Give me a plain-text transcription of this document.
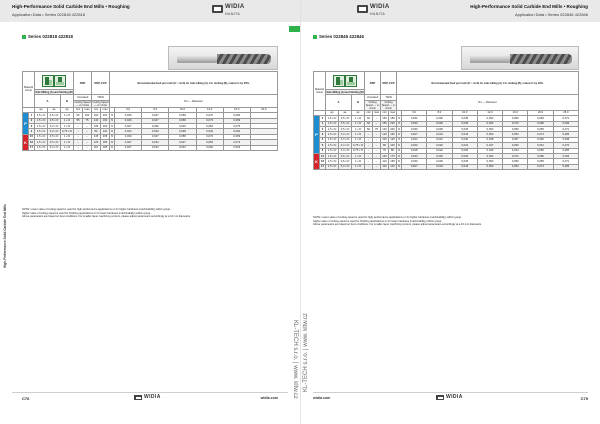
High-Performance Solid Carbide End Mills • Roughing
Application Data • Series 022818 422818
WIDIA
HANITA
Series 022818 422818
Material Group					RSP		RSP-CCP		Recommended feed per tooth (fz = inch) for side milling (A). For slotting (B), reduce fz by 20%.						
		Side Milling (A) and Slotting (B)													
		A		B	Uncoated		TiSiN		D1 — Diameter						
					Cutting Speed — vc m/min		Cutting Speed — vc m/min								
		ap	ae	ap	min	max	min	max		6,0	8,0	10,0	12,0	16,0	20,0
P	1	1,5 x D	0,5 x D	1 x D	60	100	150	200	fz	0,030	0,047	0,058	0,070	0,082	
	2	1,5 x D	0,5 x D	1 x D	55	75	140	160	fz	0,026	0,047	0,058	0,073	0,083	
	3	1,5 x D	0,4 x D	1 x D	–	–	135	160	fz	0,027	0,036	0,045	0,060	0,075	
	4	1,5 x D	0,3 x D	0,75 x D	–	–	80	100	fz	0,024	0,032	0,038	0,049	0,060	
K	15	1,5 x D	0,5 x D	1 x D	–	–	145	205	fz	0,030	0,047	0,058	0,070	0,083	
	16	1,5 x D	0,5 x D	1 x D	–	–	125	185	fz	0,027	0,034	0,047	0,055	0,073	
	17	1,5 x D	0,4 x D	1 x D	–	–	110	185	fz	0,027	0,034	0,043	0,060	0,063	
NOTE: Lower value of cutting speed is used for high-performance applications or for higher hardness (machinability) within group.
Higher value of cutting speed is used for finishing applications or for lower hardness (machinability) within group.
Above parameters are based on best conditions. For smaller taper machining centers, please adjust parameters accordingly at a 10 mm diameters.
High-Performance Solid Carbide End Mills
KL-TECH s.r.o. | www. kltw.cz
C76	WIDIA	widia.com
High-Performance Solid Carbide End Mills • Roughing
Application Data • Series 022846 422846
WIDIA
HANITA
Series 022846 422846
Material Group					RSP		RSP-CCP		Recommended feed per tooth (fz = inch) for side milling (A). For slotting (B), reduce fz by 20%.							
		Side Milling (A) and Slotting (B)														
		A		B	Uncoated		TiSiN		D1 — Diameter							
					Cutting Speed — vc m/min		Cutting Speed — vc m/min									
		ap	ae	ap	min	max	min	max		6,0	8,0	10,0	12,0	16,0	20,0	25,0
P	0	1,5 x D	0,5 x D	1 x D	60	–	150	180	fz	0,032	0,036	0,045	0,052	0,059	0,065	0,071
	1	1,5 x D	0,5 x D	1 x D	60	–	150	220	fz	0,033	0,036	0,046	0,062	0,070	0,080	0,093
	2	1,5 x D	0,5 x D	1 x D	50	75	140	200	fz	0,030	0,036	0,045	0,052	0,059	0,065	0,071
	3	1,5 x D	0,4 x D	1 x D	–	–	120	190	fz	0,027	0,034	0,043	0,060	0,063	0,074	0,083
	4	1,5 x D	0,4 x D	1 x D	–	–	100	120	fz	0,024	0,031	0,040	0,048	0,057	0,060	0,068
	5	1,5 x D	0,4 x D	0,75 x D	–	–	80	100	fz	0,020	0,026	0,034	0,047	0,050	0,061	0,072
	6	1,5 x D	0,4 x D	0,75 x D	–	–	70	80	fz	0,018	0,022	0,030	0,040	0,044	0,050	0,055
K	15	1,5 x D	0,5 x D	1 x D	–	–	140	175	fz	0,033	0,036	0,046	0,062	0,070	0,080	0,093
	16	1,5 x D	0,5 x D	1 x D	–	–	110	165	fz	0,030	0,036	0,045	0,052	0,059	0,065	0,071
	17	1,5 x D	0,4 x D	1 x D	–	–	110	140	fz	0,027	0,034	0,043	0,060	0,063	0,074	0,083
NOTE: Lower value of cutting speed is used for high-performance applications or for higher hardness (machinability) within group.
Higher value of cutting speed is used for finishing applications or for lower hardness (machinability) within group.
Above parameters are based on best conditions. For smaller taper machining centers, please adjust parameters accordingly at a 10 mm diameters.
KL-TECH s.r.o. | www. kltw.cz
widia.com	WIDIA	C79
